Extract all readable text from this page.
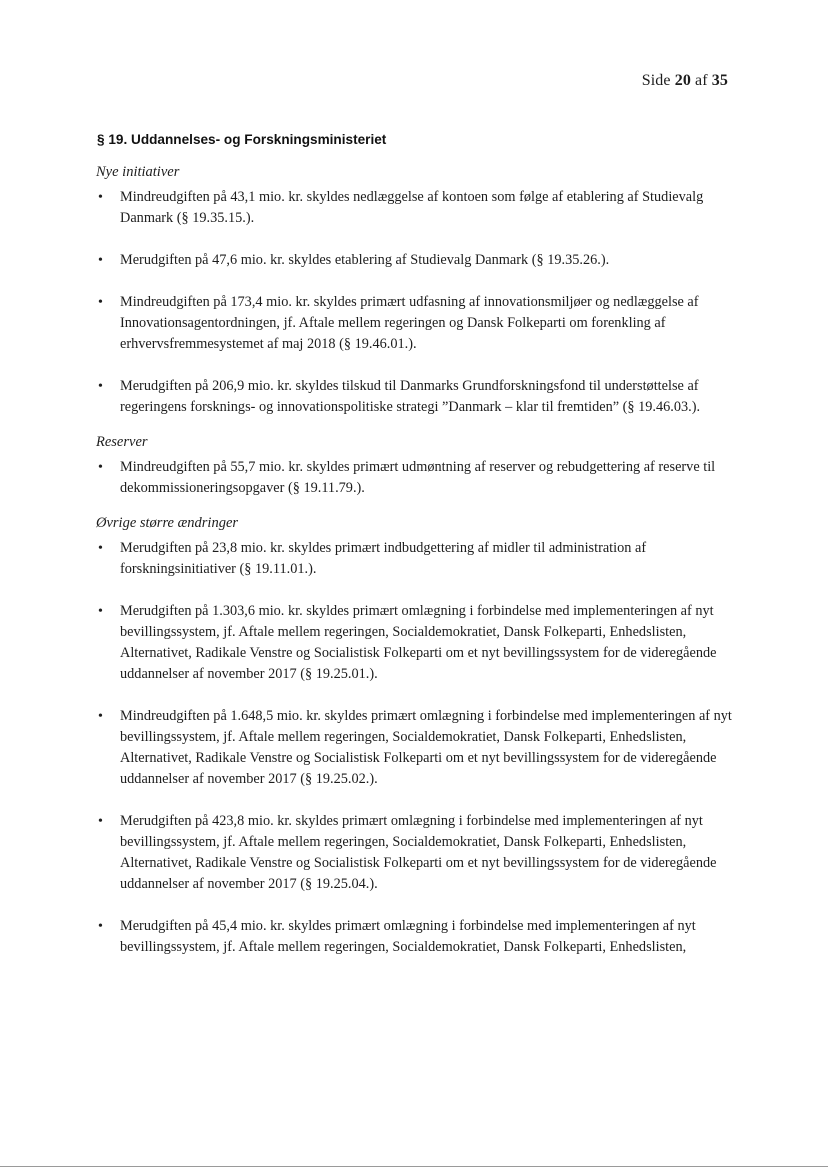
Side 20 af 35
§ 19. Uddannelses- og Forskningsministeriet
Nye initiativer
• Mindreudgiften på 43,1 mio. kr. skyldes nedlæggelse af kontoen som følge af etablering af Studievalg Danmark (§ 19.35.15.).
• Merudgiften på 47,6 mio. kr. skyldes etablering af Studievalg Danmark (§ 19.35.26.).
• Mindreudgiften på 173,4 mio. kr. skyldes primært udfasning af innovationsmiljøer og nedlæggelse af Innovationsagentordningen, jf. Aftale mellem regeringen og Dansk Folkeparti om forenkling af erhvervsfremmesystemet af maj 2018 (§ 19.46.01.).
• Merudgiften på 206,9 mio. kr. skyldes tilskud til Danmarks Grundforskningsfond til understøttelse af regeringens forsknings- og innovationspolitiske strategi ”Danmark – klar til fremtiden” (§ 19.46.03.).
Reserver
• Mindreudgiften på 55,7 mio. kr. skyldes primært udmøntning af reserver og rebudgettering af reserve til dekommissioneringsopgaver (§ 19.11.79.).
Øvrige større ændringer
• Merudgiften på 23,8 mio. kr. skyldes primært indbudgettering af midler til administration af forskningsinitiativer (§ 19.11.01.).
• Merudgiften på 1.303,6 mio. kr. skyldes primært omlægning i forbindelse med implementeringen af nyt bevillingssystem, jf. Aftale mellem regeringen, Socialdemokratiet, Dansk Folkeparti, Enhedslisten, Alternativet, Radikale Venstre og Socialistisk Folkeparti om et nyt bevillingssystem for de videregående uddannelser af november 2017 (§ 19.25.01.).
• Mindreudgiften på 1.648,5 mio. kr. skyldes primært omlægning i forbindelse med implementeringen af nyt bevillingssystem, jf. Aftale mellem regeringen, Socialdemokratiet, Dansk Folkeparti, Enhedslisten, Alternativet, Radikale Venstre og Socialistisk Folkeparti om et nyt bevillingssystem for de videregående uddannelser af november 2017 (§ 19.25.02.).
• Merudgiften på 423,8 mio. kr. skyldes primært omlægning i forbindelse med implementeringen af nyt bevillingssystem, jf. Aftale mellem regeringen, Socialdemokratiet, Dansk Folkeparti, Enhedslisten, Alternativet, Radikale Venstre og Socialistisk Folkeparti om et nyt bevillingssystem for de videregående uddannelser af november 2017 (§ 19.25.04.).
• Merudgiften på 45,4 mio. kr. skyldes primært omlægning i forbindelse med implementeringen af nyt bevillingssystem, jf. Aftale mellem regeringen, Socialdemokratiet, Dansk Folkeparti, Enhedslisten,
